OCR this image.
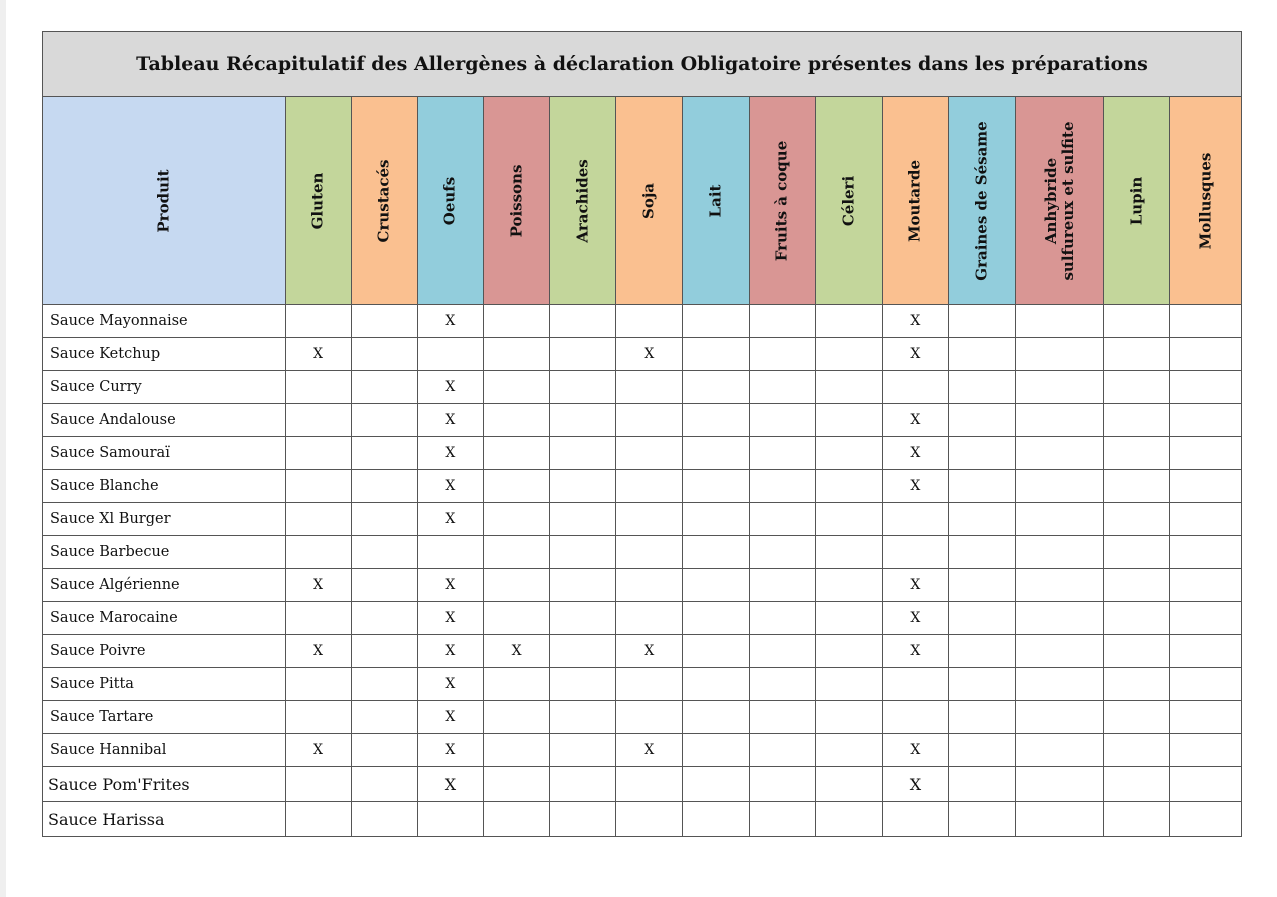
Tableau Récapitulatif des Allergènes à déclaration Obligatoire présentes dans les préparations														

Produit	Gluten	Crustacés	Oeufs	Poissons	Arachides	Soja	Lait	Fruits à coque	Céleri	Moutarde	Graines de Sésame	Anhybride sulfureux et sulfite	Lupin	Mollusques

Sauce Mayonnaise			X							X				
Sauce Ketchup	X					X				X				
Sauce Curry			X											
Sauce Andalouse			X							X				
Sauce Samouraï			X							X				
Sauce Blanche			X							X				
Sauce Xl Burger			X											
Sauce Barbecue														
Sauce Algérienne	X		X							X				
Sauce Marocaine			X							X				
Sauce Poivre	X		X	X		X				X				
Sauce Pitta			X											
Sauce Tartare			X											
Sauce Hannibal	X		X			X				X				
Sauce Pom'Frites			X							X				
Sauce Harissa														
